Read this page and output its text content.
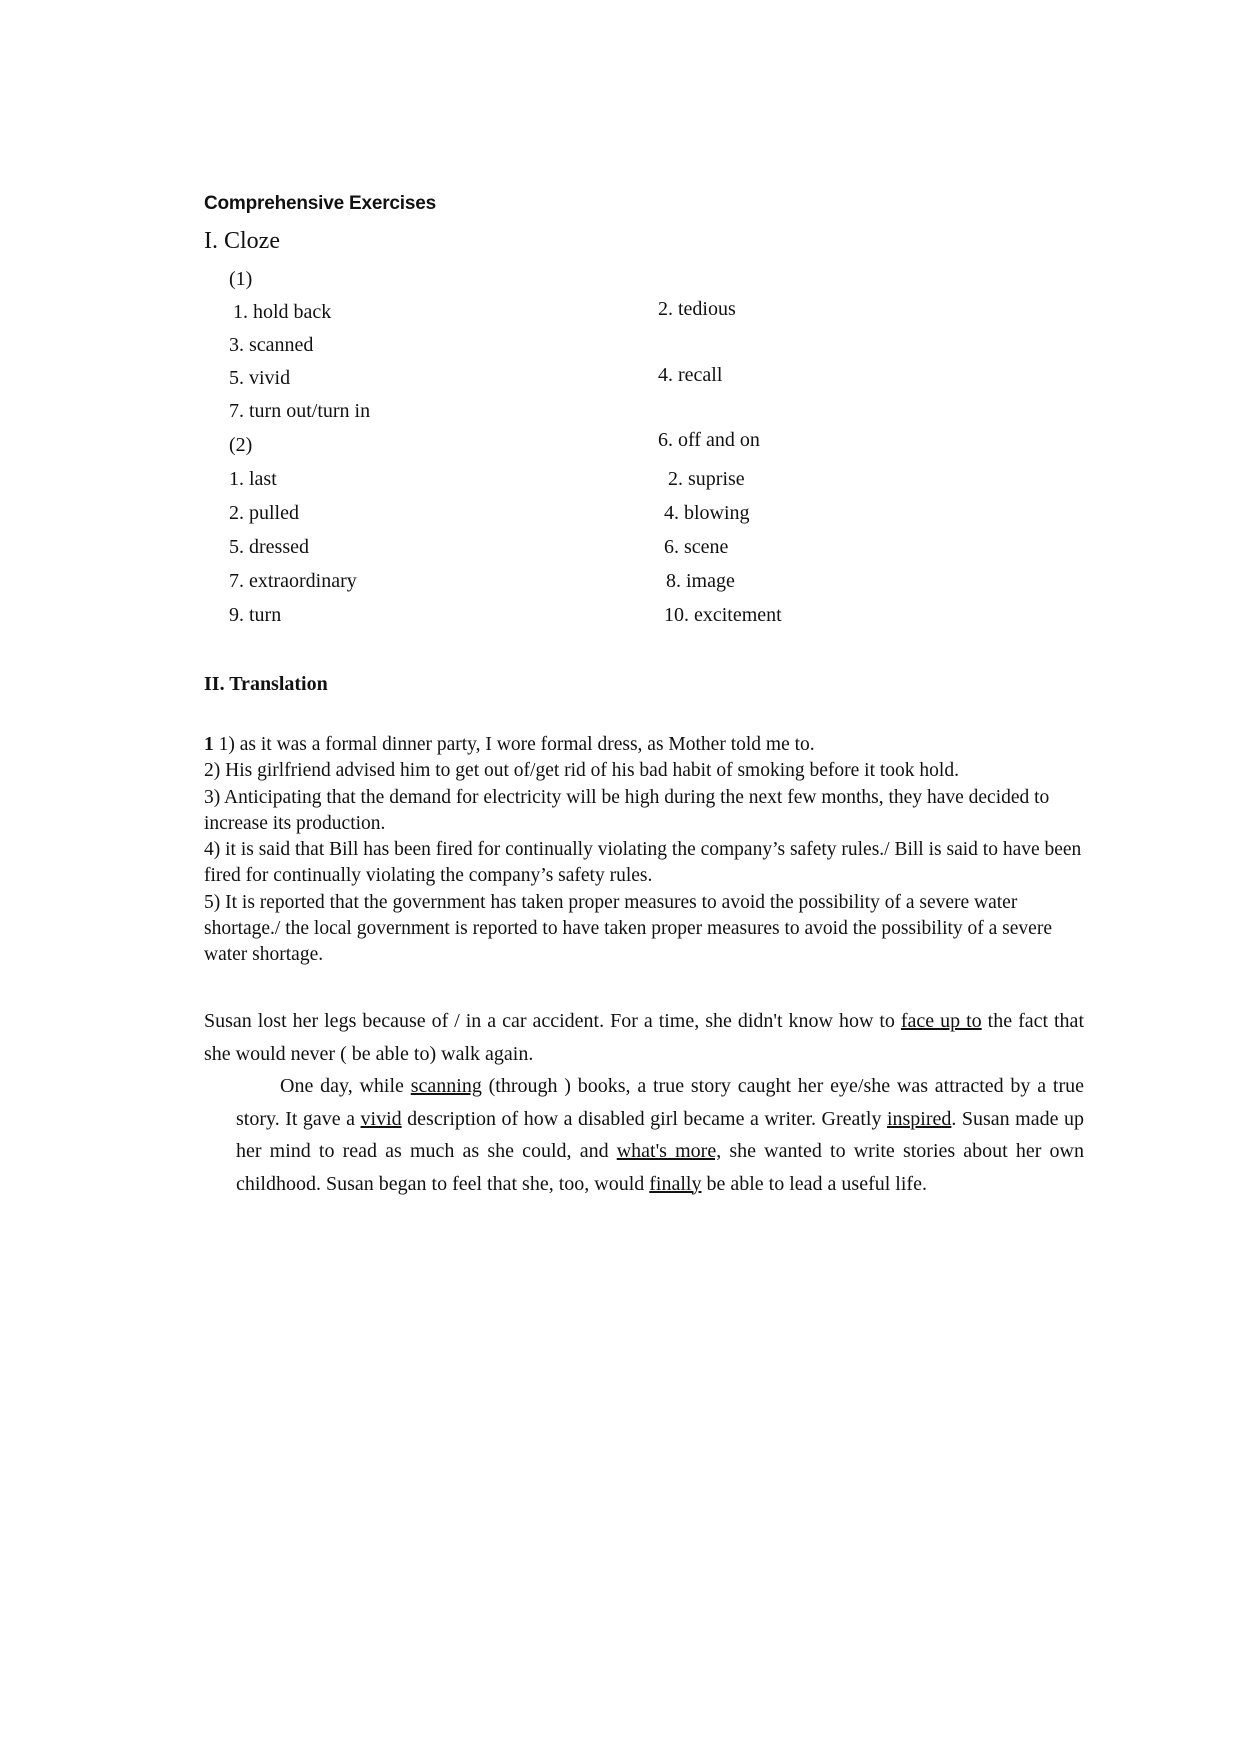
Comprehensive Exercises
I. Cloze
(1)
1. hold back
3. scanned
5. vivid
7. turn out/turn in
2. tedious
4. recall
6. off and on
(2)
1. last
2. pulled
5. dressed
7. extraordinary
9. turn
2. suprise
4. blowing
6. scene
8. image
10. excitement
II. Translation

1 1) as it was a formal dinner party, I wore formal dress, as Mother told me to.

2) His girlfriend advised him to get out of/get rid of his bad habit of smoking before it took hold.

3) Anticipating that the demand for electricity will be high during the next few months, they have decided to increase its production.

4) it is said that Bill has been fired for continually violating the company’s safety rules./ Bill is said to have been fired for continually violating the company’s safety rules.

5) It is reported that the government has taken proper measures to avoid the possibility of a severe water shortage./ the local government is reported to have taken proper measures to avoid the possibility of a severe water shortage.

Susan lost her legs because of / in a car accident. For a time, she didn't know how to face up to the fact that she would never ( be able to) walk again.

One day, while scanning (through ) books, a true story caught her eye/she was attracted by a true story. It gave a vivid description of how a disabled girl became a writer. Greatly inspired. Susan made up her mind to read as much as she could, and what's more, she wanted to write stories about her own childhood. Susan began to feel that she, too, would finally be able to lead a useful life.
